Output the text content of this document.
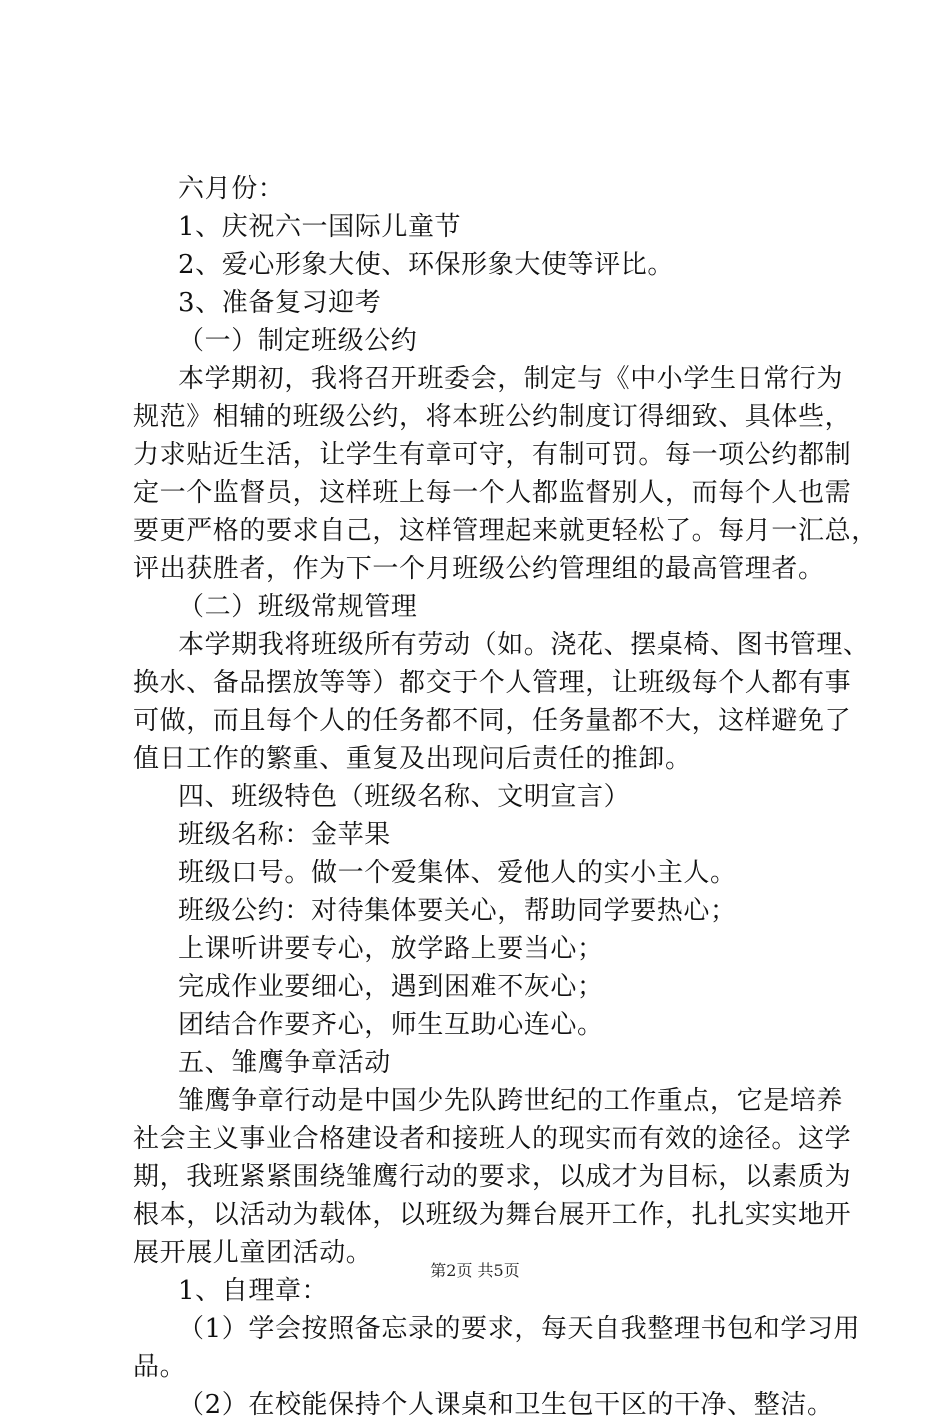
六月份：
1、庆祝六一国际儿童节
2、爱心形象大使、环保形象大使等评比。
3、准备复习迎考
（一）制定班级公约
本学期初，我将召开班委会，制定与《中小学生日常行为
规范》相辅的班级公约，将本班公约制度订得细致、具体些，
力求贴近生活，让学生有章可守，有制可罚。每一项公约都制
定一个监督员，这样班上每一个人都监督别人，而每个人也需
要更严格的要求自己，这样管理起来就更轻松了。每月一汇总，
评出获胜者，作为下一个月班级公约管理组的最高管理者。
（二）班级常规管理
本学期我将班级所有劳动（如。浇花、摆桌椅、图书管理、
换水、备品摆放等等）都交于个人管理，让班级每个人都有事
可做，而且每个人的任务都不同，任务量都不大，这样避免了
值日工作的繁重、重复及出现问后责任的推卸。
四、班级特色（班级名称、文明宣言）
班级名称：金苹果
班级口号。做一个爱集体、爱他人的实小主人。
班级公约：对待集体要关心，帮助同学要热心；
上课听讲要专心，放学路上要当心；
完成作业要细心，遇到困难不灰心；
团结合作要齐心，师生互助心连心。
五、雏鹰争章活动
雏鹰争章行动是中国少先队跨世纪的工作重点，它是培养
社会主义事业合格建设者和接班人的现实而有效的途径。这学
期，我班紧紧围绕雏鹰行动的要求，以成才为目标，以素质为
根本，以活动为载体，以班级为舞台展开工作，扎扎实实地开
展开展儿童团活动。
1、自理章：
（1）学会按照备忘录的要求，每天自我整理书包和学习用
品。
（2）在校能保持个人课桌和卫生包干区的干净、整洁。
第2页 共5页
